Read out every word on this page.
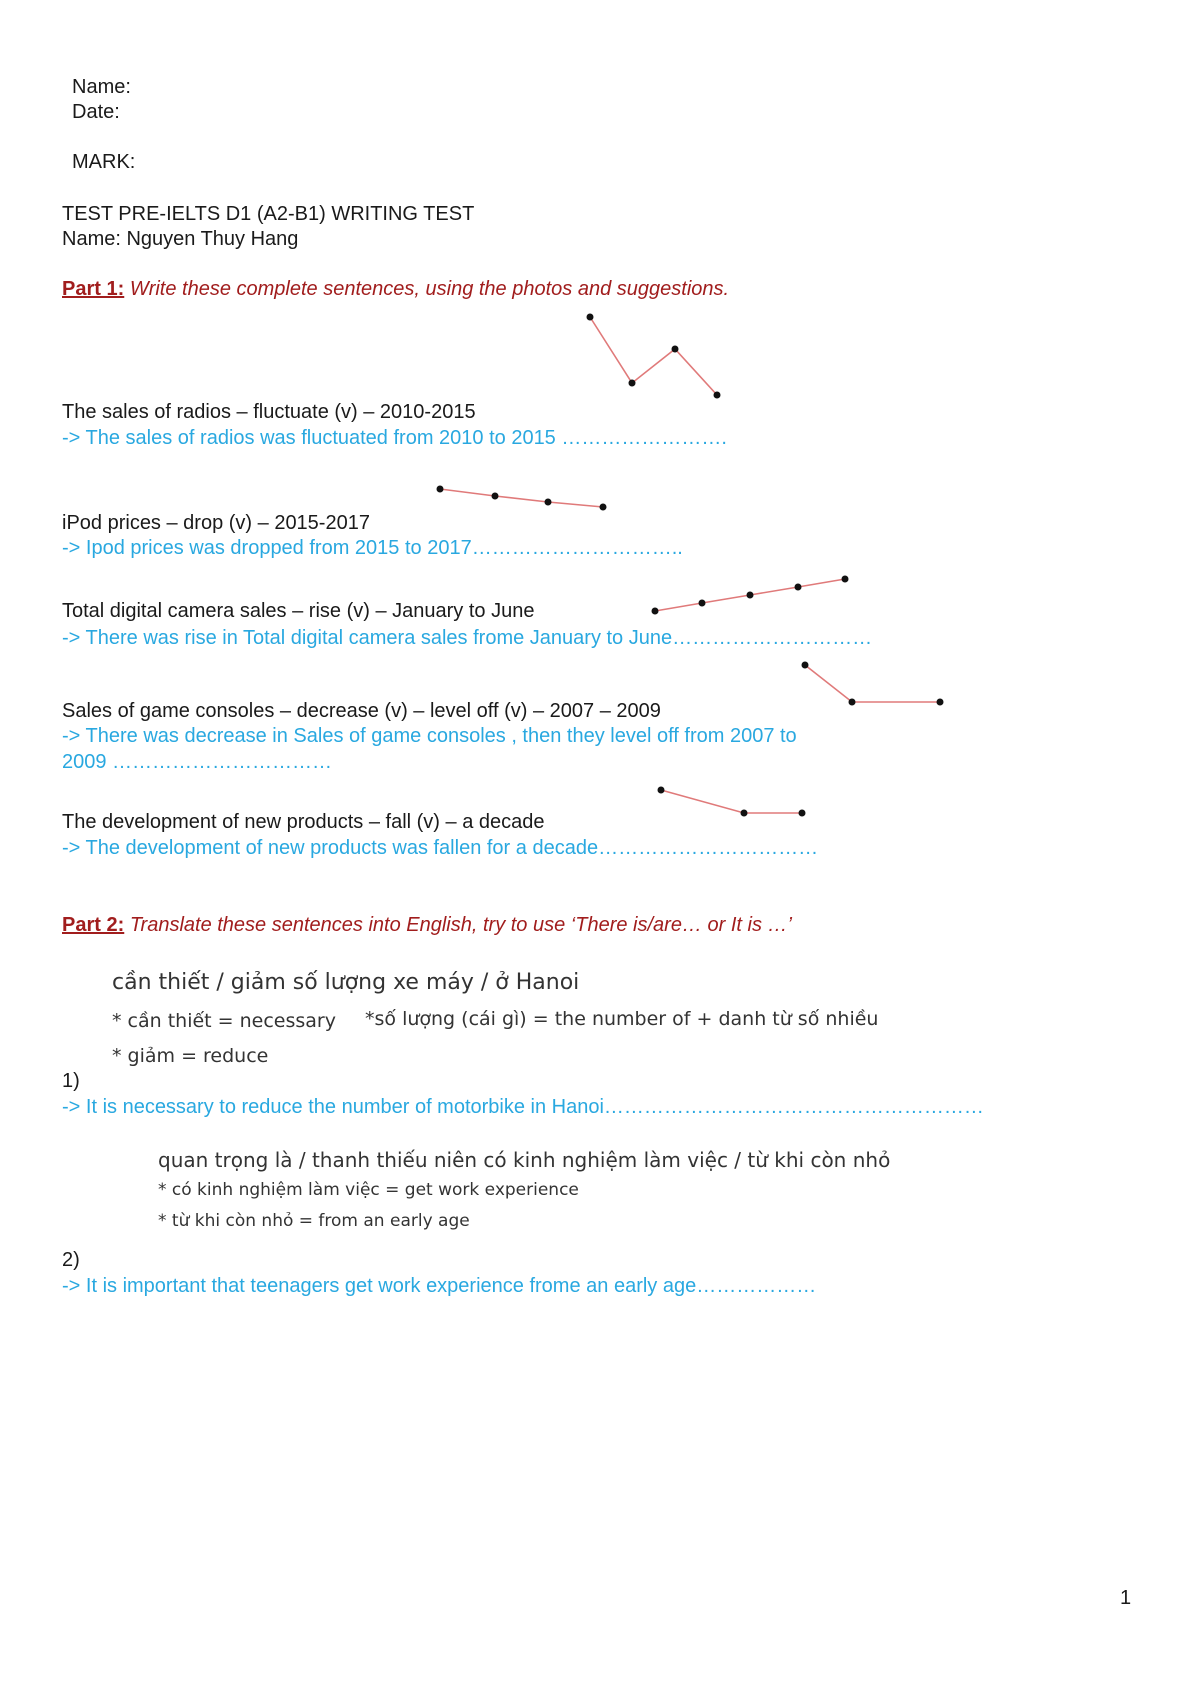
Name:
Date:
MARK:
TEST PRE-IELTS D1 (A2-B1) WRITING TEST
Name: Nguyen Thuy Hang
Part 1: Write these complete sentences, using the photos and suggestions.
The sales of radios – fluctuate (v) – 2010-2015
-> The sales of radios was fluctuated from 2010 to 2015 …………………….
iPod prices – drop (v) – 2015-2017
-> Ipod prices was dropped from 2015 to 2017…………………………..
Total digital camera sales – rise (v) – January to June
-> There was rise in Total digital camera sales frome January to June…………………………
Sales of game consoles – decrease (v) – level off (v) – 2007 – 2009
-> There was decrease in Sales of game consoles , then they level off from 2007 to
2009 ……………………………
The development of new products – fall (v) – a decade
-> The development of new products was fallen for a decade……………………………
Part 2: Translate these sentences into English, try to use ‘There is/are… or It is …’
cần thiết / giảm số lượng xe máy / ở Hanoi
* cần thiết = necessary *số lượng (cái gì) = the number of + danh từ số nhiều
* giảm = reduce
1)
-> It is necessary to reduce the number of motorbike in Hanoi…………………………………………………
quan trọng là / thanh thiếu niên có kinh nghiệm làm việc / từ khi còn nhỏ
* có kinh nghiệm làm việc = get work experience
* từ khi còn nhỏ = from an early age
2)
-> It is important that teenagers get work experience frome an early age………………
1
